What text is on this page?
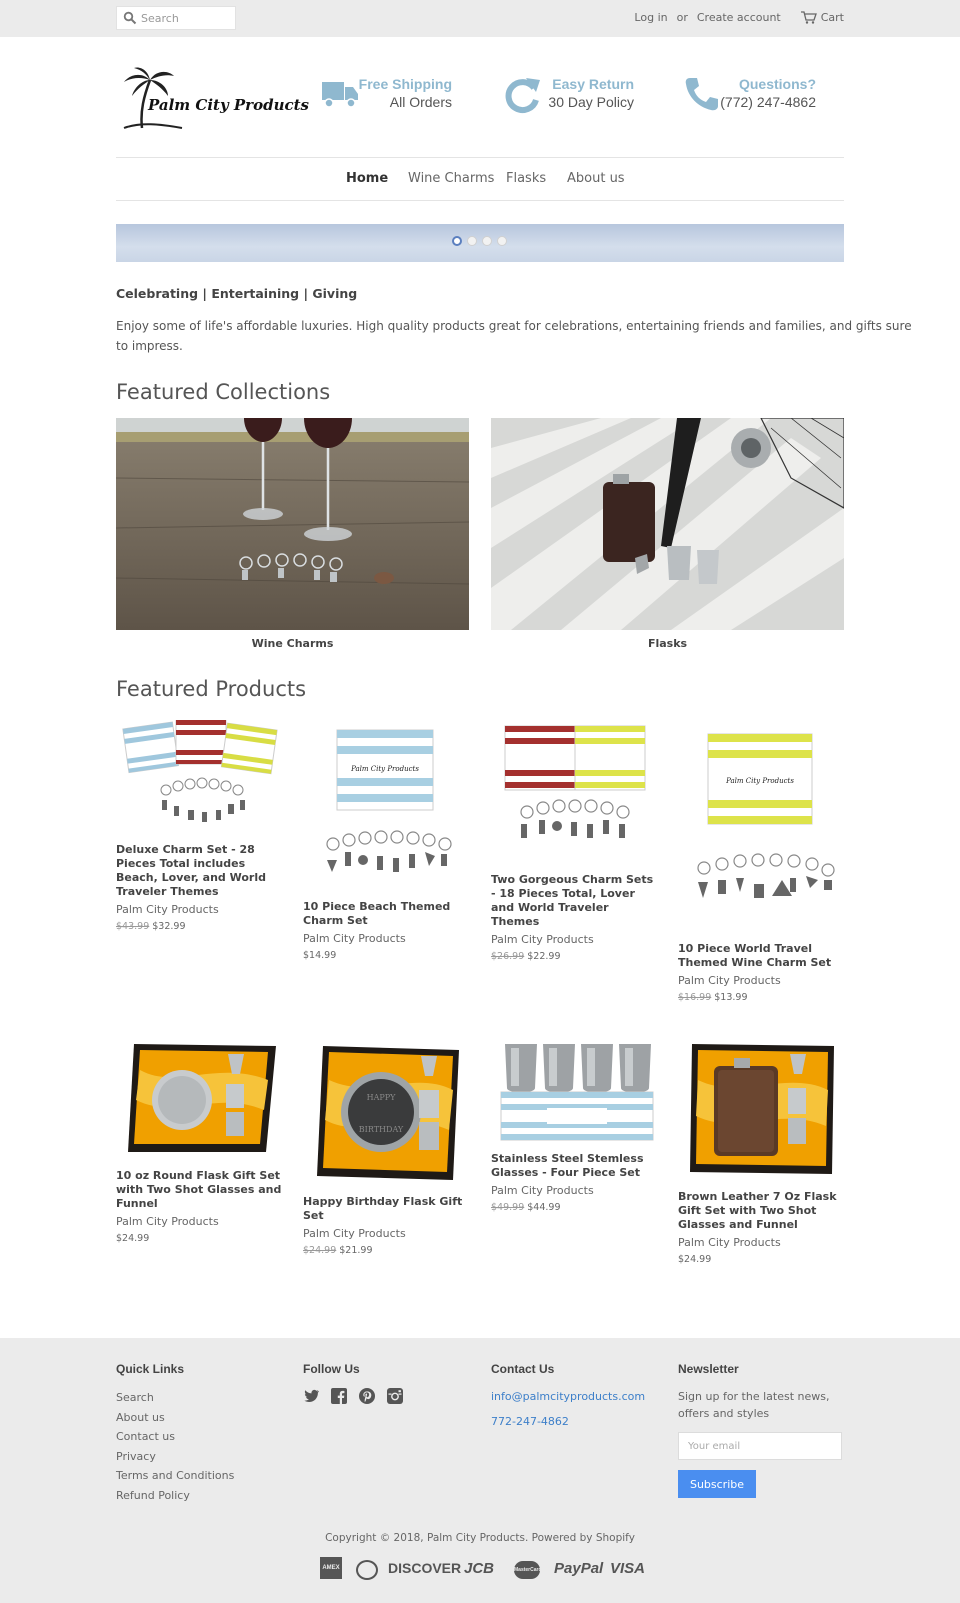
Search
Log in or Create account	Cart
Palm City Products
Free Shipping
All Orders
Easy Return
30 Day Policy
Questions?
(772) 247-4862
Home Wine Charms Flasks About us
Celebrating | Entertaining | Giving
Enjoy some of life's affordable luxuries. High quality products great for celebrations, entertaining friends and families, and gifts sure to impress.
Featured Collections
Wine Charms	Flasks
Featured Products
Deluxe Charm Set - 28 Pieces Total includes Beach, Lover, and World Traveler Themes
Palm City Products
$43.99 $32.99
Palm City Products
10 Piece Beach Themed Charm Set
Palm City Products
$14.99
Two Gorgeous Charm Sets - 18 Pieces Total, Lover and World Traveler Themes
Palm City Products
$26.99 $22.99
Palm City Products
10 Piece World Travel Themed Wine Charm Set
Palm City Products
$16.99 $13.99
10 oz Round Flask Gift Set with Two Shot Glasses and Funnel
Palm City Products
$24.99
HAPPY
BIRTHDAY
Happy Birthday Flask Gift Set
Palm City Products
$24.99 $21.99
Stainless Steel Stemless Glasses - Four Piece Set
Palm City Products
$49.99 $44.99
Brown Leather 7 Oz Flask Gift Set with Two Shot Glasses and Funnel
Palm City Products
$24.99
Quick Links
Search
About us
Contact us
Privacy
Terms and Conditions
Refund Policy
Follow Us	Contact Us
info@palmcityproducts.com
772-247-4862
Newsletter

Sign up for the latest news, offers and styles

Your email Subscribe
Copyright © 2018, Palm City Products. Powered by Shopify
AMEX	DISCOVER JCB	MasterCard PayPal VISA
